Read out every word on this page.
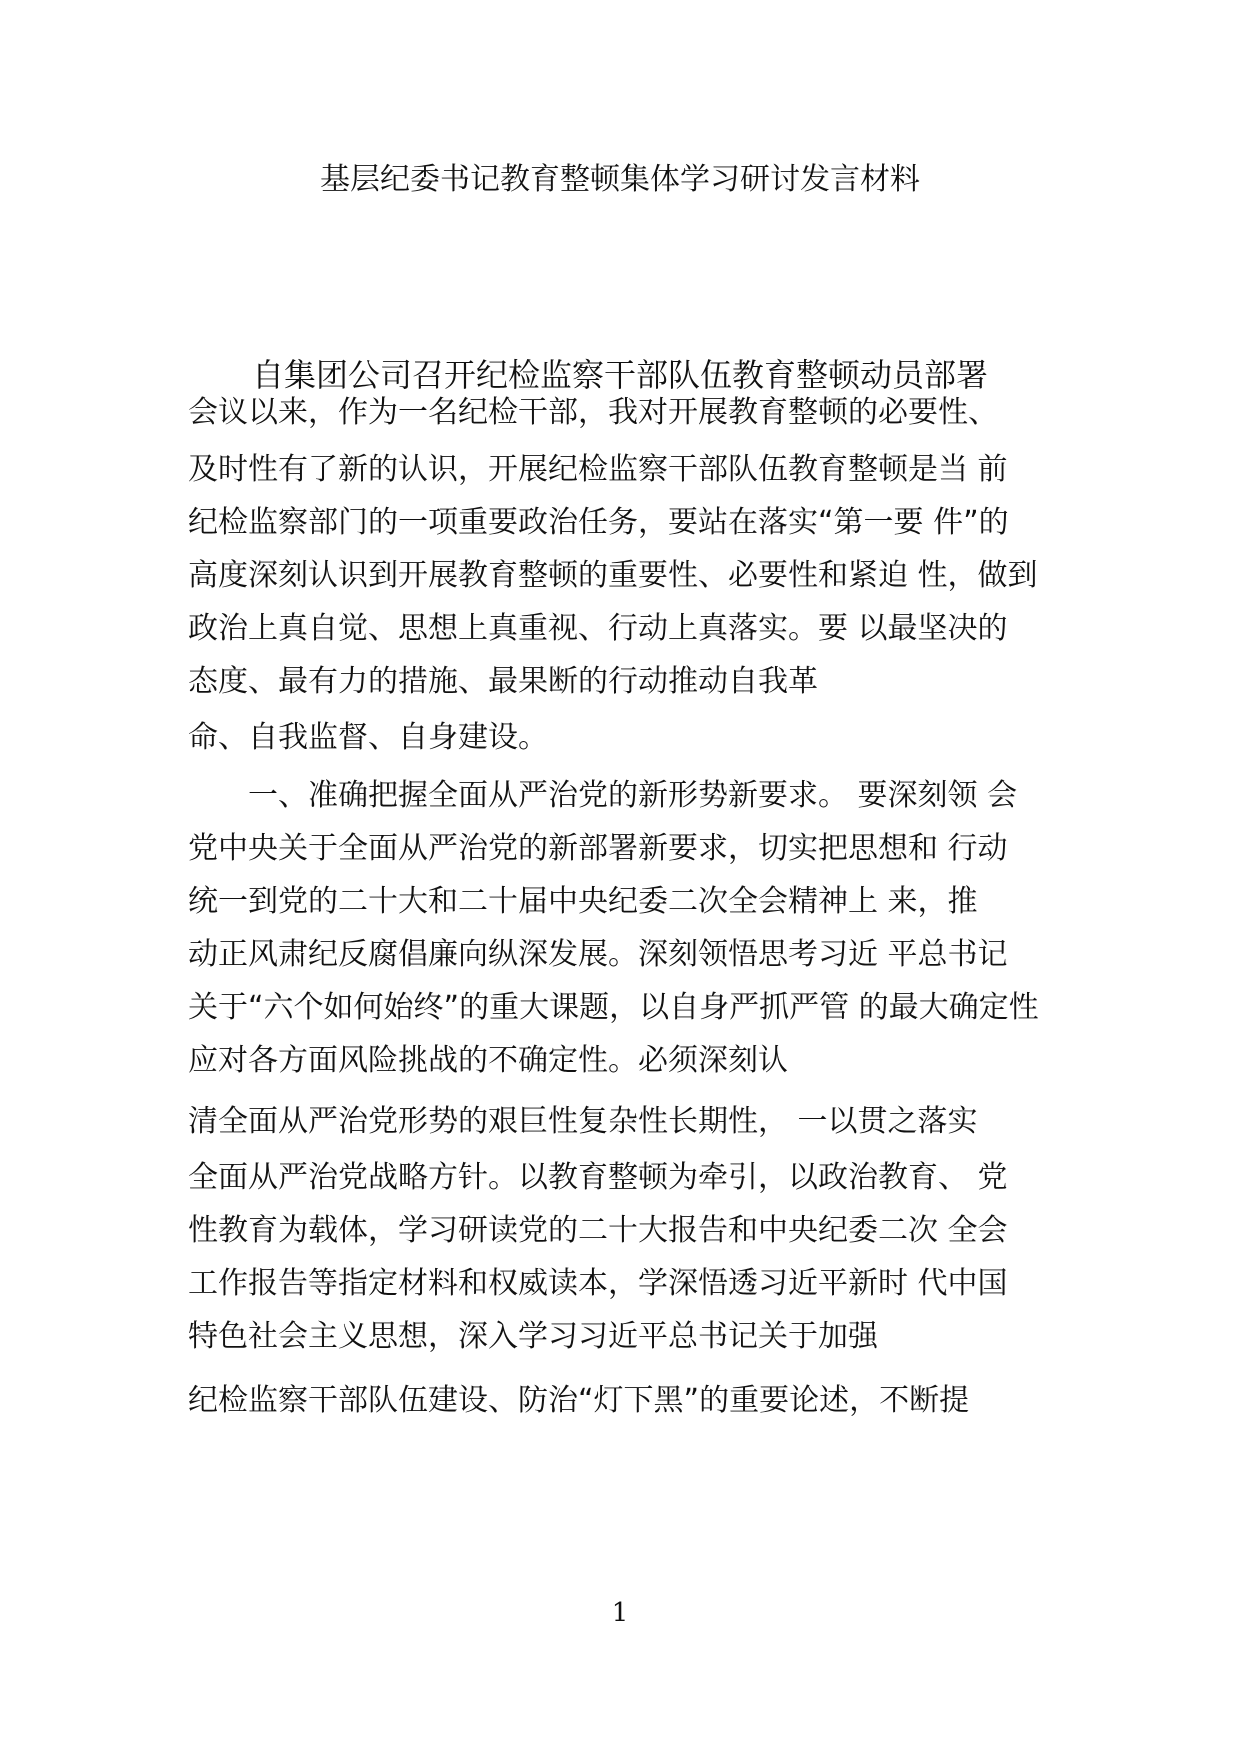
基层纪委书记教育整顿集体学习研讨发言材料
自集团公司召开纪检监察干部队伍教育整顿动员部署
会议以来，作为一名纪检干部，我对开展教育整顿的必要性、
及时性有了新的认识，开展纪检监察干部队伍教育整顿是当 前
纪检监察部门的一项重要政治任务，要站在落实“第一要 件”的
高度深刻认识到开展教育整顿的重要性、必要性和紧迫 性，做到
政治上真自觉、思想上真重视、行动上真落实。要 以最坚决的
态度、最有力的措施、最果断的行动推动自我革
命、自我监督、自身建设。
　　一、准确把握全面从严治党的新形势新要求。 要深刻领 会
党中央关于全面从严治党的新部署新要求，切实把思想和 行动
统一到党的二十大和二十届中央纪委二次全会精神上 来，推
动正风肃纪反腐倡廉向纵深发展。深刻领悟思考习近 平总书记
关于“六个如何始终”的重大课题，以自身严抓严管 的最大确定性
应对各方面风险挑战的不确定性。必须深刻认
清全面从严治党形势的艰巨性复杂性长期性， 一以贯之落实
全面从严治党战略方针。以教育整顿为牵引，以政治教育、 党
性教育为载体，学习研读党的二十大报告和中央纪委二次 全会
工作报告等指定材料和权威读本，学深悟透习近平新时 代中国
特色社会主义思想，深入学习习近平总书记关于加强
纪检监察干部队伍建设、防治“灯下黑”的重要论述，不断提
1
